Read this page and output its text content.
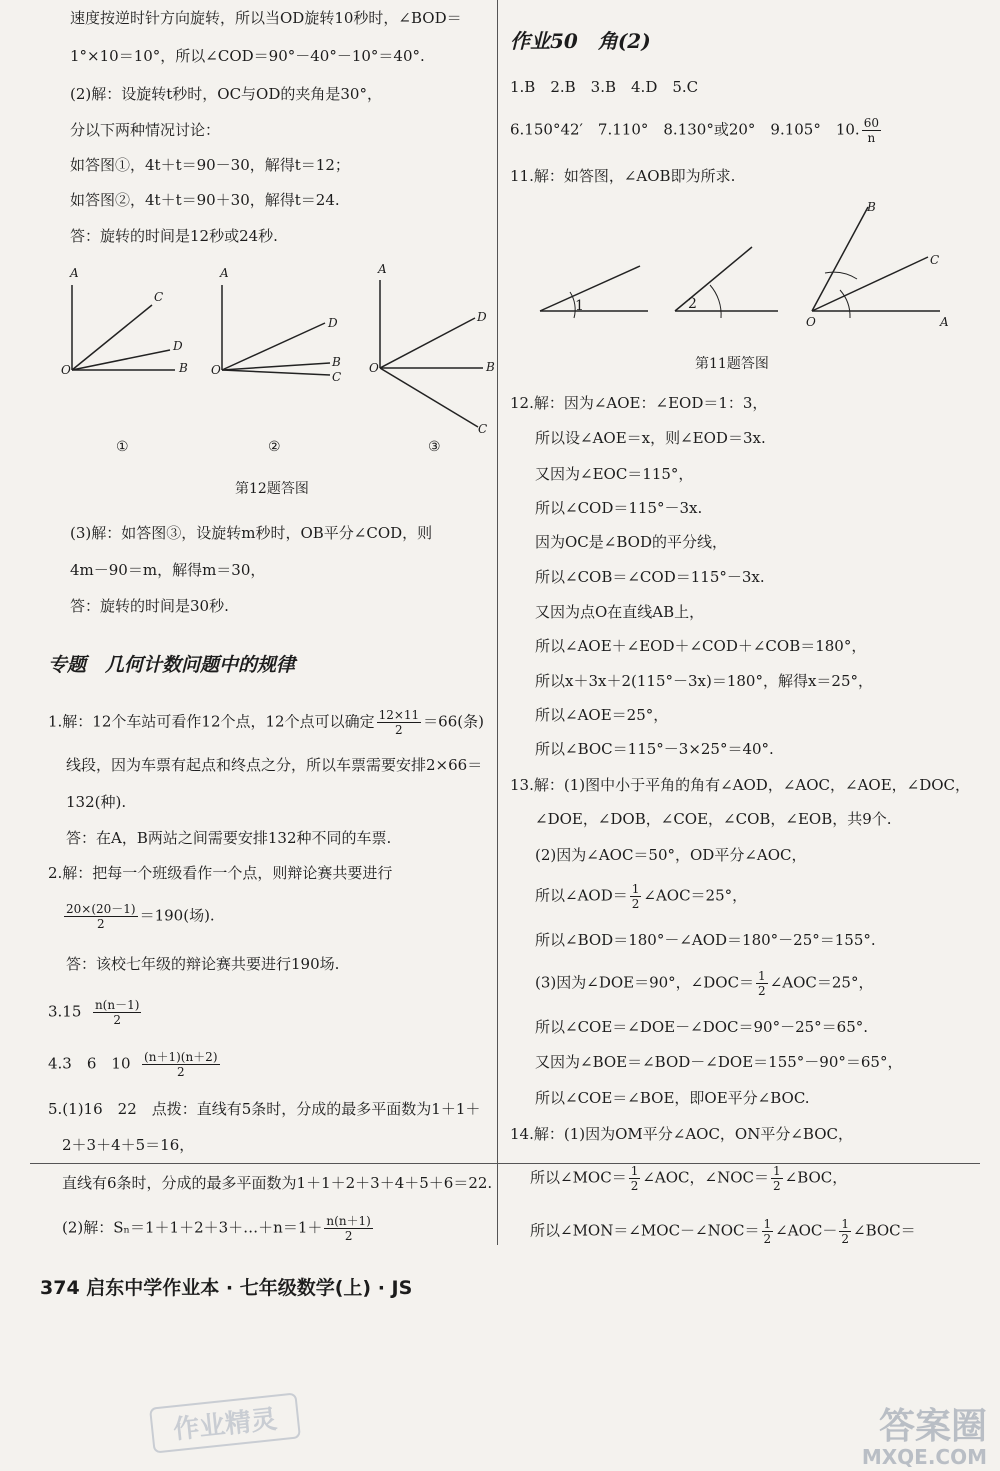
速度按逆时针方向旋转，所以当OD旋转10秒时，∠BOD＝
1°×10＝10°，所以∠COD＝90°－40°－10°＝40°.
(2)解：设旋转t秒时，OC与OD的夹角是30°，
分以下两种情况讨论：
如答图①，4t＋t＝90－30，解得t＝12；
如答图②，4t＋t＝90＋30，解得t＝24.
答：旋转的时间是12秒或24秒.
A
C
D
O	B
①
A
D
B
C
O
②
A
D
B
O
C
③
第12题答图
(3)解：如答图③，设旋转m秒时，OB平分∠COD，则
4m－90＝m，解得m＝30，
答：旋转的时间是30秒.
专题　几何计数问题中的规律
1.解：12个车站可看作12个点，12个点可以确定 $\frac{12\times 11}{2} =66$(条)
线段，因为车票有起点和终点之分，所以车票需要安排2×66＝
132(种).
答：在A，B两站之间需要安排132种不同的车票.
2.解：把每一个班级看作一个点，则辩论赛共要进行
$\frac{20\times(20-1)}{2} =190$(场).
答：该校七年级的辩论赛共要进行190场.
$3.15 \frac{n(n-1)}{2}$
4.3　6　$10 \frac{(n+1)(n+2)}{2}$
5.(1)16　22　点拨：直线有5条时，分成的最多平面数为1＋1＋
2＋3＋4＋5＝16，
直线有6条时，分成的最多平面数为1＋1＋2＋3＋4＋5＋6＝22.
(2)解：Sₙ＝1＋1＋2＋3＋…＋n＝1＋ $\frac{n(n+1)}{2}$
作业50　角(2)
1.B　2.B　3.B　4.D　5.C
6.150°42′　7.110°　8.130°或20°　9.105°　10. $\frac{60}{n}$
11.解：如答图，∠AOB即为所求.
1	2
B
C
O	A
第11题答图
12.解：因为∠AOE：∠EOD＝1：3，
所以设∠AOE＝x，则∠EOD＝3x.
又因为∠EOC＝115°，
所以∠COD＝115°－3x.
因为OC是∠BOD的平分线，
所以∠COB＝∠COD＝115°－3x.
又因为点O在直线AB上，
所以∠AOE＋∠EOD＋∠COD＋∠COB＝180°，
所以x＋3x＋2(115°－3x)＝180°，解得x＝25°，
所以∠AOE＝25°，
所以∠BOC＝115°－3×25°＝40°.
13.解：(1)图中小于平角的角有∠AOD，∠AOC，∠AOE，∠DOC，
∠DOE，∠DOB，∠COE，∠COB，∠EOB，共9个.
(2)因为∠AOC＝50°，OD平分∠AOC，
所以∠AOD＝ $\frac{1}{2}$ ∠AOC＝25°，
所以∠BOD＝180°－∠AOD＝180°－25°＝155°.
(3)因为∠DOE＝90°，∠DOC＝ $\frac{1}{2}$ ∠AOC＝25°，
所以∠COE＝∠DOE－∠DOC＝90°－25°＝65°.
又因为∠BOE＝∠BOD－∠DOE＝155°－90°＝65°，
所以∠COE＝∠BOE，即OE平分∠BOC.
14.解：(1)因为OM平分∠AOC，ON平分∠BOC，
所以∠MOC＝ $\frac{1}{2}$ ∠AOC，∠NOC＝ $\frac{1}{2}$ ∠BOC，
所以∠MON＝∠MOC－∠NOC＝ $\frac{1}{2}$ ∠AOC－ $\frac{1}{2}$ ∠BOC＝
374 启东中学作业本 · 七年级数学(上) · JS
作业精灵	答案圈
MXQE.COM
